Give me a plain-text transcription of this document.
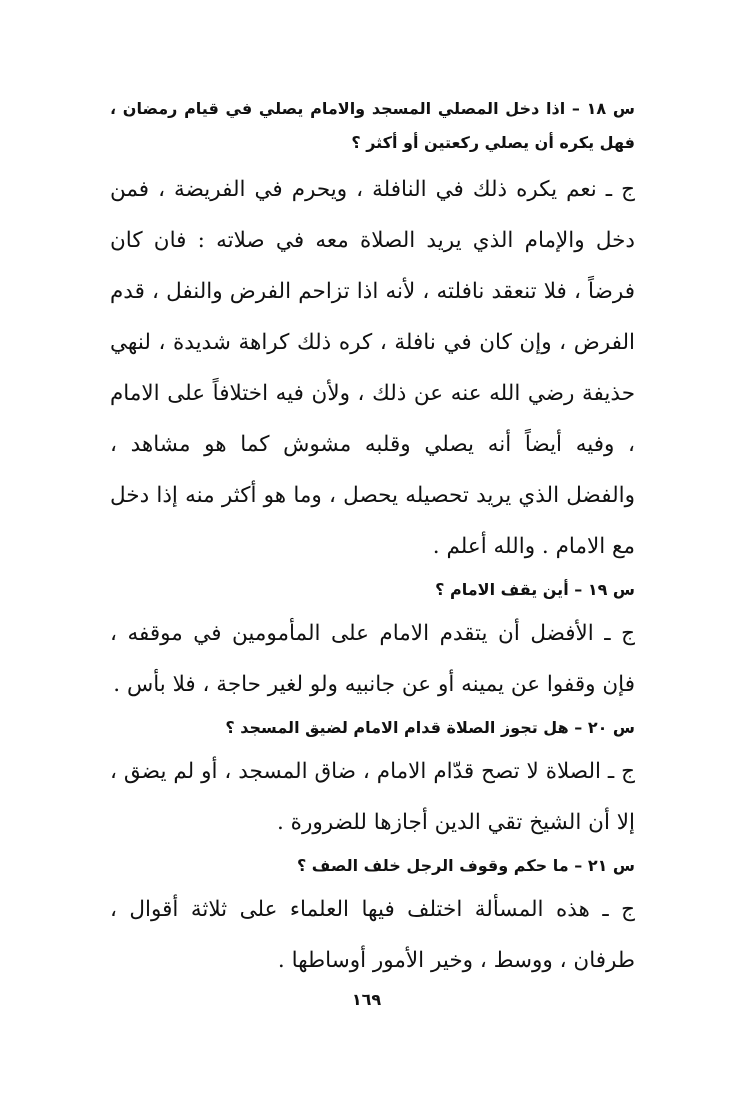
س ١٨ – اذا دخل المصلي المسجد والامام يصلي في قيام رمضان ، فهل يكره أن يصلي ركعتين أو أكثر ؟

ج ـ نعم يكره ذلك في النافلة ، ويحرم في الفريضة ، فمن دخل والإمام الذي يريد الصلاة معه في صلاته : فان كان فرضاً ، فلا تنعقد نافلته ، لأنه اذا تزاحم الفرض والنفل ، قدم الفرض ، وإن كان في نافلة ، كره ذلك كراهة شديدة ، لنهي حذيفة رضي الله عنه عن ذلك ، ولأن فيه اختلافاً على الامام ، وفيه أيضاً أنه يصلي وقلبه مشوش كما هو مشاهد ، والفضل الذي يريد تحصيله يحصل ، وما هو أكثر منه إذا دخل مع الامام . والله أعلم .

س ١٩ – أين يقف الامام ؟

ج ـ الأفضل أن يتقدم الامام على المأمومين في موقفه ، فإن وقفوا عن يمينه أو عن جانبيه ولو لغير حاجة ، فلا بأس .

س ٢٠ – هل تجوز الصلاة قدام الامام لضيق المسجد ؟

ج ـ الصلاة لا تصح قدّام الامام ، ضاق المسجد ، أو لم يضق ، إلا أن الشيخ تقي الدين أجازها للضرورة .

س ٢١ – ما حكم وقوف الرجل خلف الصف ؟

ج ـ هذه المسألة اختلف فيها العلماء على ثلاثة أقوال ، طرفان ، ووسط ، وخير الأمور أوساطها .

١٦٩
